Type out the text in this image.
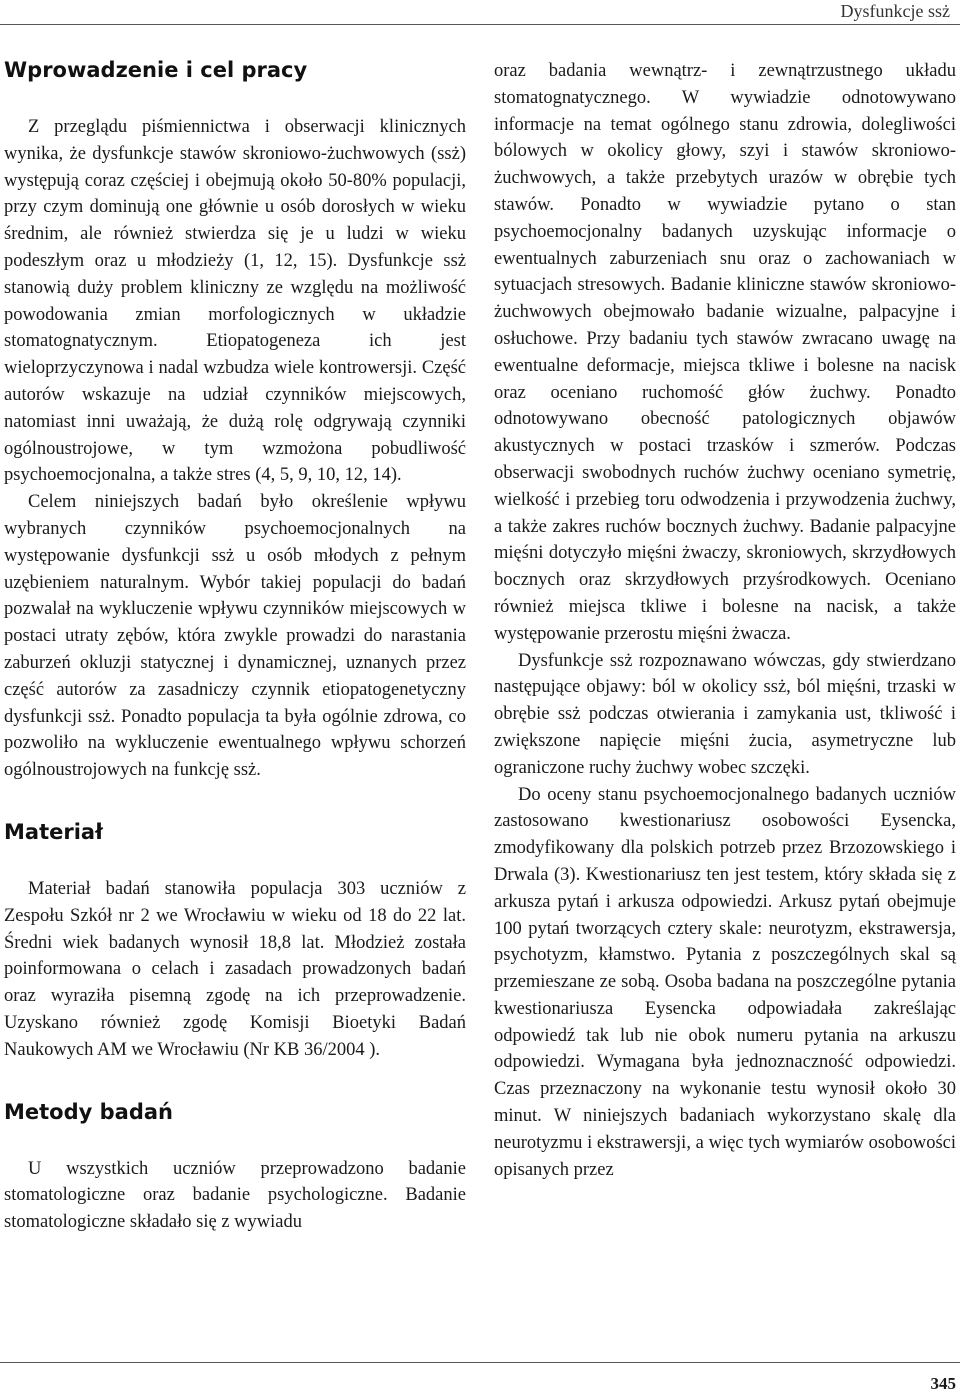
Dysfunkcje ssż
Wprowadzenie i cel pracy

Z przeglądu piśmiennictwa i obserwacji klinicznych wynika, że dysfunkcje stawów skroniowo-żuchwowych (ssż) występują coraz częściej i obejmują około 50-80% populacji, przy czym dominują one głównie u osób dorosłych w wieku średnim, ale również stwierdza się je u ludzi w wieku podeszłym oraz u młodzieży (1, 12, 15). Dysfunkcje ssż stanowią duży problem kliniczny ze względu na możliwość powodowania zmian morfologicznych w układzie stomatognatycznym. Etiopatogeneza ich jest wieloprzyczynowa i nadal wzbudza wiele kontrowersji. Część autorów wskazuje na udział czynników miejscowych, natomiast inni uważają, że dużą rolę odgrywają czynniki ogólnoustrojowe, w tym wzmożona pobudliwość psychoemocjonalna, a także stres (4, 5, 9, 10, 12, 14).

Celem niniejszych badań było określenie wpływu wybranych czynników psychoemocjonalnych na występowanie dysfunkcji ssż u osób młodych z pełnym uzębieniem naturalnym. Wybór takiej populacji do badań pozwalał na wykluczenie wpływu czynników miejscowych w postaci utraty zębów, która zwykle prowadzi do narastania zaburzeń okluzji statycznej i dynamicznej, uznanych przez część autorów za zasadniczy czynnik etiopatogenetyczny dysfunkcji ssż. Ponadto populacja ta była ogólnie zdrowa, co pozwoliło na wykluczenie ewentualnego wpływu schorzeń ogólnoustrojowych na funkcję ssż.

Materiał

Materiał badań stanowiła populacja 303 uczniów z Zespołu Szkół nr 2 we Wrocławiu w wieku od 18 do 22 lat. Średni wiek badanych wynosił 18,8 lat. Młodzież została poinformowana o celach i zasadach prowadzonych badań oraz wyraziła pisemną zgodę na ich przeprowadzenie. Uzyskano również zgodę Komisji Bioetyki Badań Naukowych AM we Wrocławiu (Nr KB 36/2004 ).

Metody badań

U wszystkich uczniów przeprowadzono badanie stomatologiczne oraz badanie psychologiczne. Badanie stomatologiczne składało się z wywiadu

oraz badania wewnątrz- i zewnątrzustnego układu stomatognatycznego. W wywiadzie odnotowywano informacje na temat ogólnego stanu zdrowia, dolegliwości bólowych w okolicy głowy, szyi i stawów skroniowo-żuchwowych, a także przebytych urazów w obrębie tych stawów. Ponadto w wywiadzie pytano o stan psychoemocjonalny badanych uzyskując informacje o ewentualnych zaburzeniach snu oraz o zachowaniach w sytuacjach stresowych. Badanie kliniczne stawów skroniowo-żuchwowych obejmowało badanie wizualne, palpacyjne i osłuchowe. Przy badaniu tych stawów zwracano uwagę na ewentualne deformacje, miejsca tkliwe i bolesne na nacisk oraz oceniano ruchomość głów żuchwy. Ponadto odnotowywano obecność patologicznych objawów akustycznych w postaci trzasków i szmerów. Podczas obserwacji swobodnych ruchów żuchwy oceniano symetrię, wielkość i przebieg toru odwodzenia i przywodzenia żuchwy, a także zakres ruchów bocznych żuchwy. Badanie palpacyjne mięśni dotyczyło mięśni żwaczy, skroniowych, skrzydłowych bocznych oraz skrzydłowych przyśrodkowych. Oceniano również miejsca tkliwe i bolesne na nacisk, a także występowanie przerostu mięśni żwacza.

Dysfunkcje ssż rozpoznawano wówczas, gdy stwierdzano następujące objawy: ból w okolicy ssż, ból mięśni, trzaski w obrębie ssż podczas otwierania i zamykania ust, tkliwość i zwiększone napięcie mięśni żucia, asymetryczne lub ograniczone ruchy żuchwy wobec szczęki.

Do oceny stanu psychoemocjonalnego badanych uczniów zastosowano kwestionariusz osobowości Eysencka, zmodyfikowany dla polskich potrzeb przez Brzozowskiego i Drwala (3). Kwestionariusz ten jest testem, który składa się z arkusza pytań i arkusza odpowiedzi. Arkusz pytań obejmuje 100 pytań tworzących cztery skale: neurotyzm, ekstrawersja, psychotyzm, kłamstwo. Pytania z poszczególnych skal są przemieszane ze sobą. Osoba badana na poszczególne pytania kwestionariusza Eysencka odpowiadała zakreślając odpowiedź tak lub nie obok numeru pytania na arkuszu odpowiedzi. Wymagana była jednoznaczność odpowiedzi. Czas przeznaczony na wykonanie testu wynosił około 30 minut. W niniejszych badaniach wykorzystano skalę dla neurotyzmu i ekstrawersji, a więc tych wymiarów osobowości opisanych przez

345
